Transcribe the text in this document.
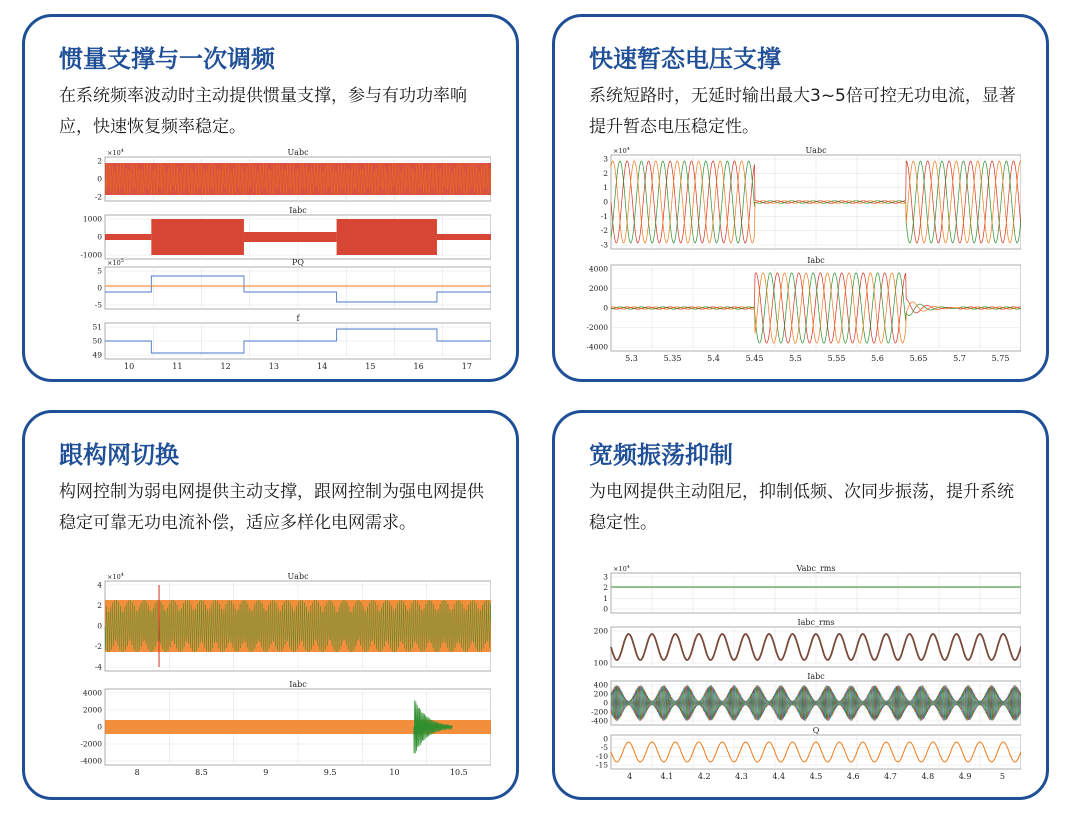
惯量支撑与一次调频
在系统频率波动时主动提供惯量支撑，参与有功功率响应，快速恢复频率稳定。
2
0
-2
Uabc
$\times 10^4$
1000
0
-1000
Iabc
5
0
-5
PQ
$\times 10^5$
51
50
49
f
10	11	12	13	14	15	16	17
快速暂态电压支撑
系统短路时，无延时输出最大3~5倍可控无功电流，显著提升暂态电压稳定性。
3
2
1
0
-1
-2
-3
Uabc
$\times 10^4$
4000
2000
0
-2000
-4000
Iabc
5.3	5.35	5.4	5.45	5.5	5.55	5.6	5.65	5.7	5.75
跟构网切换
构网控制为弱电网提供主动支撑，跟网控制为强电网提供稳定可靠无功电流补偿，适应多样化电网需求。
4
2
0
-2
-4
Uabc
$\times 10^4$
4000
2000
0
-2000
-4000
Iabc
8	8.5	9	9.5	10	10.5
宽频振荡抑制
为电网提供主动阻尼，抑制低频、次同步振荡，提升系统稳定性。
3
2
1
0
Vabc_rms
$\times 10^4$
200
100
Iabc_rms
400
200
0
-200
-400
Iabc
0
-5
-10
-15
Q
4	4.1	4.2	4.3	4.4	4.5	4.6	4.7	4.8	4.9	5
